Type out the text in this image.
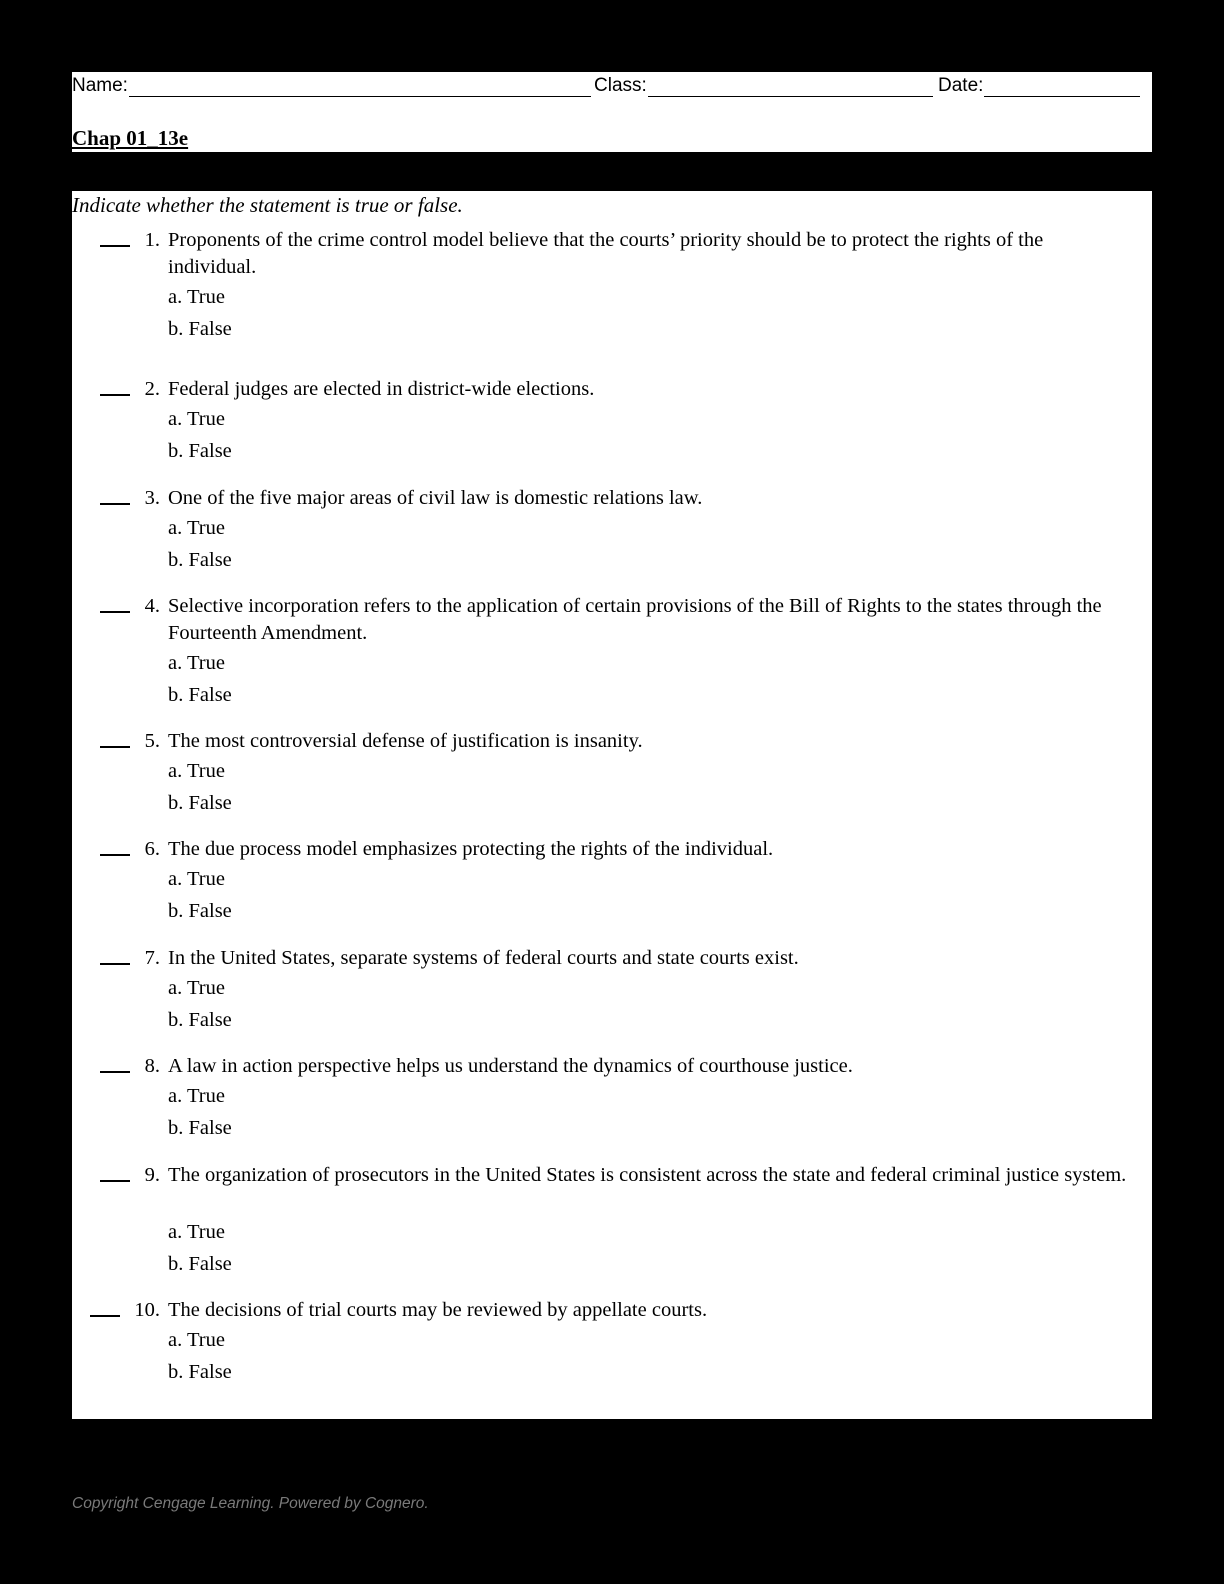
Name:	Class:	Date:
Chap 01_13e
Indicate whether the statement is true or false.
1. Proponents of the crime control model believe that the courts’ priority should be to protect the rights of the individual.
a. True
b. False
2. Federal judges are elected in district-wide elections.
a. True
b. False
3. One of the five major areas of civil law is domestic relations law.
a. True
b. False
4. Selective incorporation refers to the application of certain provisions of the Bill of Rights to the states through the Fourteenth Amendment.
a. True
b. False
5. The most controversial defense of justification is insanity.
a. True
b. False
6. The due process model emphasizes protecting the rights of the individual.
a. True
b. False
7. In the United States, separate systems of federal courts and state courts exist.
a. True
b. False
8. A law in action perspective helps us understand the dynamics of courthouse justice.
a. True
b. False
9. The organization of prosecutors in the United States is consistent across the state and federal criminal justice system.
a. True
b. False
10. The decisions of trial courts may be reviewed by appellate courts.
a. True
b. False
Copyright Cengage Learning. Powered by Cognero.
